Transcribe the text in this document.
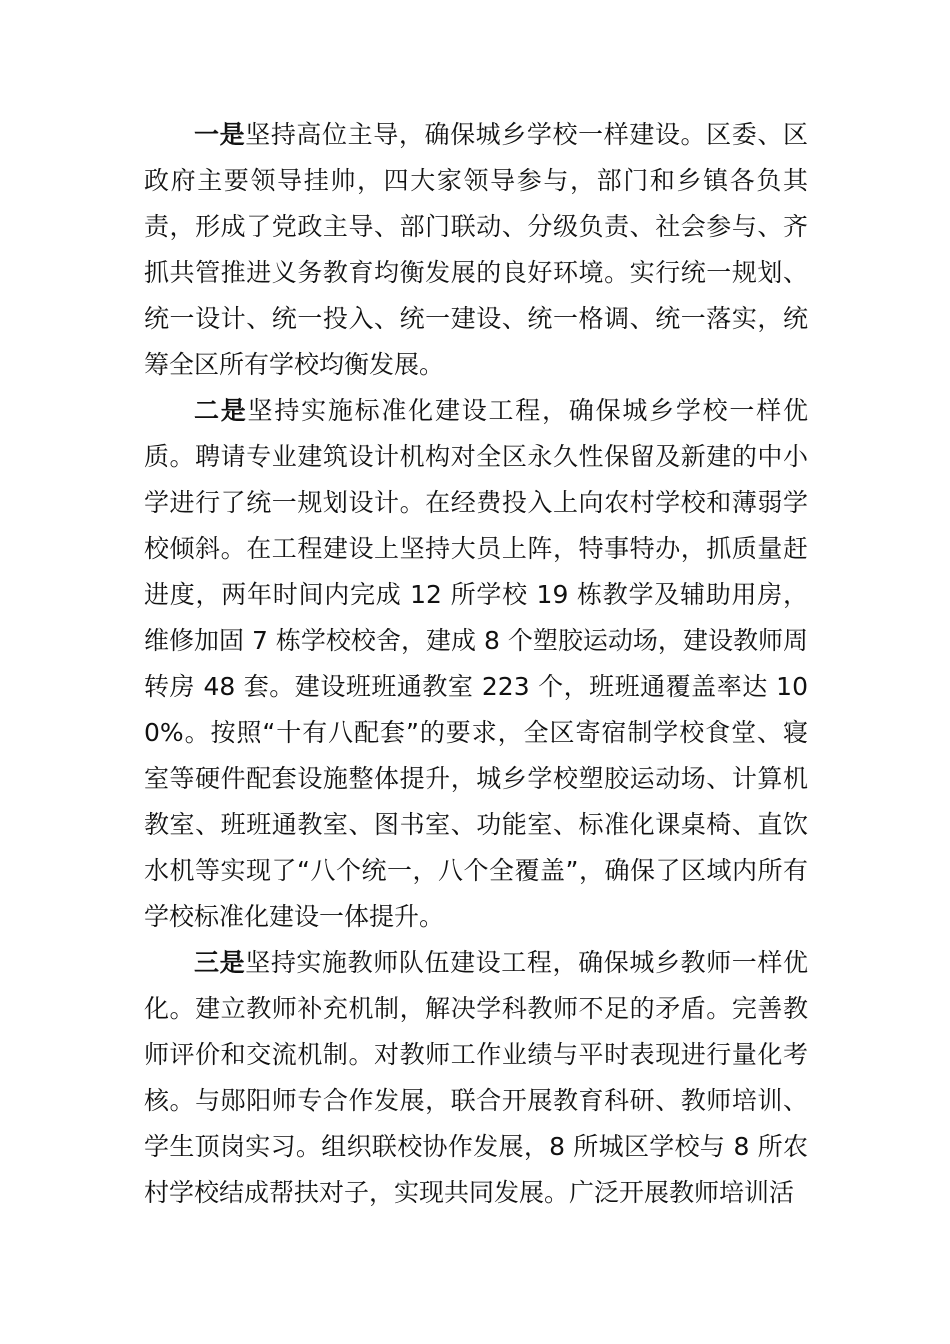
一是坚持高位主导，确保城乡学校一样建设。区委、区政府主要领导挂帅，四大家领导参与，部门和乡镇各负其责，形成了党政主导、部门联动、分级负责、社会参与、齐抓共管推进义务教育均衡发展的良好环境。实行统一规划、统一设计、统一投入、统一建设、统一格调、统一落实，统筹全区所有学校均衡发展。

二是坚持实施标准化建设工程，确保城乡学校一样优质。聘请专业建筑设计机构对全区永久性保留及新建的中小学进行了统一规划设计。在经费投入上向农村学校和薄弱学校倾斜。在工程建设上坚持大员上阵，特事特办，抓质量赶进度，两年时间内完成 12 所学校 19 栋教学及辅助用房，维修加固 7 栋学校校舍，建成 8 个塑胶运动场，建设教师周转房 48 套。建设班班通教室 223 个，班班通覆盖率达 100%。按照“十有八配套”的要求，全区寄宿制学校食堂、寝室等硬件配套设施整体提升，城乡学校塑胶运动场、计算机教室、班班通教室、图书室、功能室、标准化课桌椅、直饮水机等实现了“八个统一，八个全覆盖”，确保了区域内所有学校标准化建设一体提升。

三是坚持实施教师队伍建设工程，确保城乡教师一样优化。建立教师补充机制，解决学科教师不足的矛盾。完善教师评价和交流机制。对教师工作业绩与平时表现进行量化考核。与郧阳师专合作发展，联合开展教育科研、教师培训、学生顶岗实习。组织联校协作发展，8 所城区学校与 8 所农村学校结成帮扶对子，实现共同发展。广泛开展教师培训活
